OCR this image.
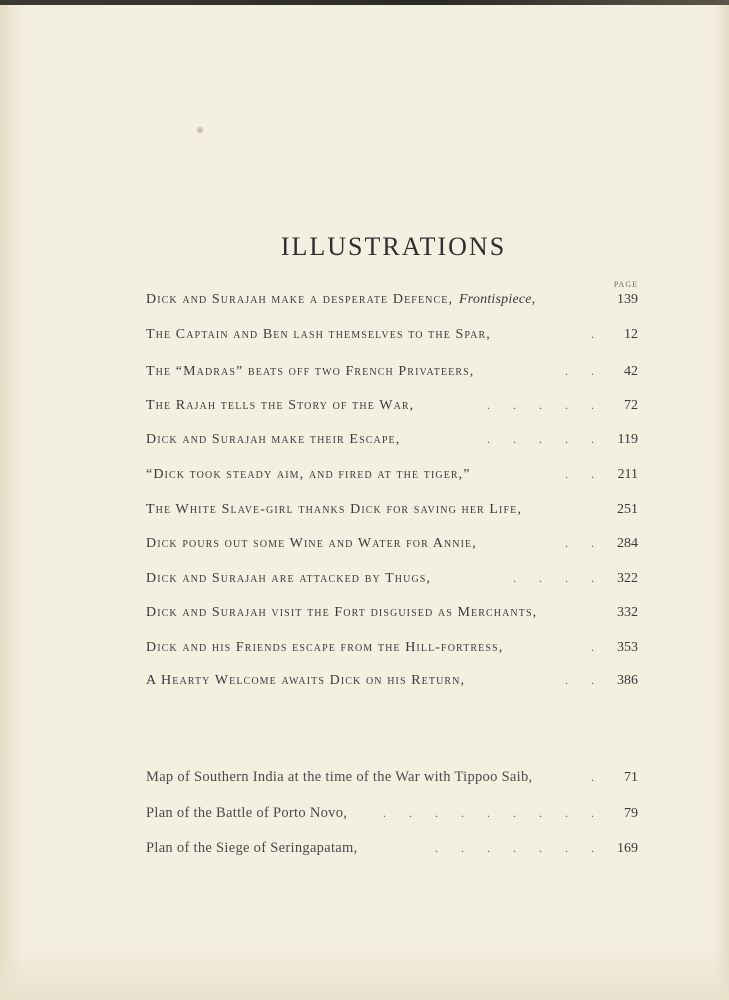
ILLUSTRATIONS
PAGE
Dick and Surajah make a desperate Defence, Frontispiece,	139
The Captain and Ben lash themselves to the Spar,	.	12
The “Madras” beats off two French Privateers,	. .	42
The Rajah tells the Story of the War,	. . . . .	72
Dick and Surajah make their Escape,	. . . . . 119
“Dick took steady aim, and fired at the tiger,”	. . 211
The White Slave-girl thanks Dick for saving her Life,	251
Dick pours out some Wine and Water for Annie,	. . 284
Dick and Surajah are attacked by Thugs,	. . . . 322
Dick and Surajah visit the Fort disguised as Merchants,	332
Dick and his Friends escape from the Hill-fortress,	. 353
A Hearty Welcome awaits Dick on his Return,	. . 386
Map of Southern India at the time of the War with Tippoo Saib,	.	71
Plan of the Battle of Porto Novo,	. . . . . . . . .	79
Plan of the Siege of Seringapatam,	. . . . . . . 169
